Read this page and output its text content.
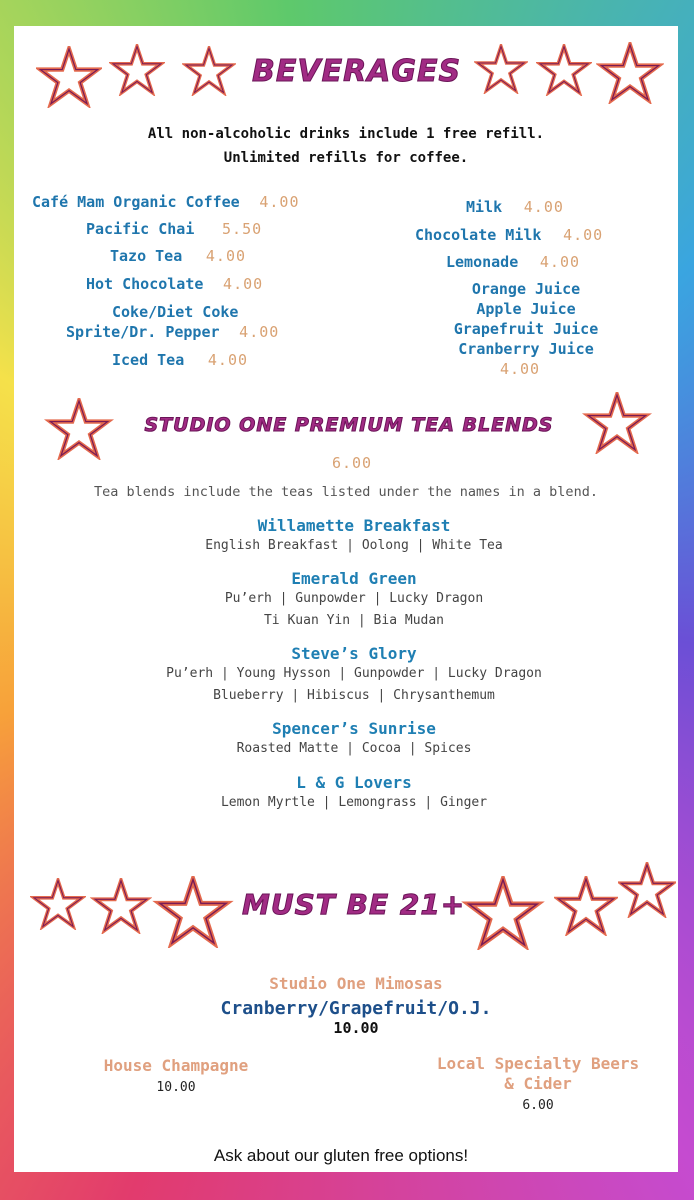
BEVERAGES
All non-alcoholic drinks include 1 free refill.
Unlimited refills for coffee.
Café Mam Organic Coffee 4.00
Pacific Chai 5.50
Tazo Tea 4.00
Hot Chocolate 4.00
Coke/Diet Coke
Sprite/Dr. Pepper 4.00
Iced Tea 4.00
Milk 4.00
Chocolate Milk 4.00
Lemonade 4.00
Orange Juice
Apple Juice
Grapefruit Juice
Cranberry Juice
4.00
STUDIO ONE PREMIUM TEA BLENDS
6.00
Tea blends include the teas listed under the names in a blend.
Willamette Breakfast
English Breakfast | Oolong | White Tea
Emerald Green
Pu’erh | Gunpowder | Lucky Dragon
Ti Kuan Yin | Bia Mudan
Steve’s Glory
Pu’erh | Young Hysson | Gunpowder | Lucky Dragon
Blueberry | Hibiscus | Chrysanthemum
Spencer’s Sunrise
Roasted Matte | Cocoa | Spices
L & G Lovers
Lemon Myrtle | Lemongrass | Ginger
MUST BE 21+
Studio One Mimosas
Cranberry/Grapefruit/O.J.
10.00
House Champagne
10.00
Local Specialty Beers
& Cider
6.00
Ask about our gluten free options!
